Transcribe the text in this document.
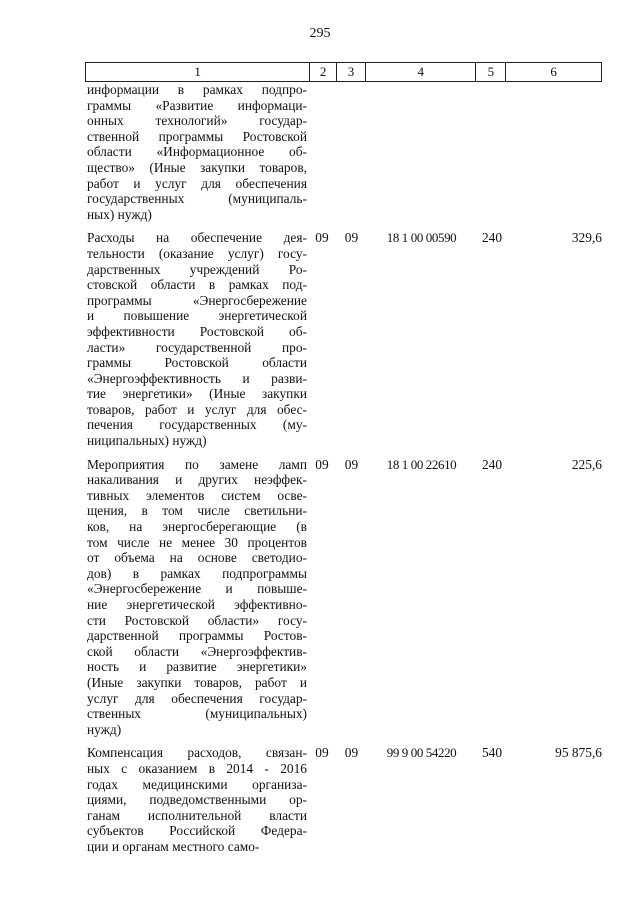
295
1	2	3	4	5	6
информации в рамках подпро-
граммы «Развитие информаци-
онных технологий» государ-
ственной программы Ростовской
области «Информационное об-
щество» (Иные закупки товаров,
работ и услуг для обеспечения
государственных (муниципаль-
ных) нужд)
Расходы на обеспечение дея-
тельности (оказание услуг) госу-
дарственных учреждений Ро-
стовской области в рамках под-
программы «Энергосбережение
и повышение энергетической
эффективности Ростовской об-
ласти» государственной про-
граммы Ростовской области
«Энергоэффективность и разви-
тие энергетики» (Иные закупки
товаров, работ и услуг для обес-
печения государственных (му-
ниципальных) нужд)
09	09	18 1 00 00590	240	329,6
Мероприятия по замене ламп
накаливания и других неэффек-
тивных элементов систем осве-
щения, в том числе светильни-
ков, на энергосберегающие (в
том числе не менее 30 процентов
от объема на основе светодио-
дов) в рамках подпрограммы
«Энергосбережение и повыше-
ние энергетической эффективно-
сти Ростовской области» госу-
дарственной программы Ростов-
ской области «Энергоэффектив-
ность и развитие энергетики»
(Иные закупки товаров, работ и
услуг для обеспечения государ-
ственных (муниципальных)
нужд)
09	09	18 1 00 22610	240	225,6
Компенсация расходов, связан-
ных с оказанием в 2014 - 2016
годах медицинскими организа-
циями, подведомственными ор-
ганам исполнительной власти
субъектов Российской Федера-
ции и органам местного само-
09	09	99 9 00 54220	540	95 875,6
